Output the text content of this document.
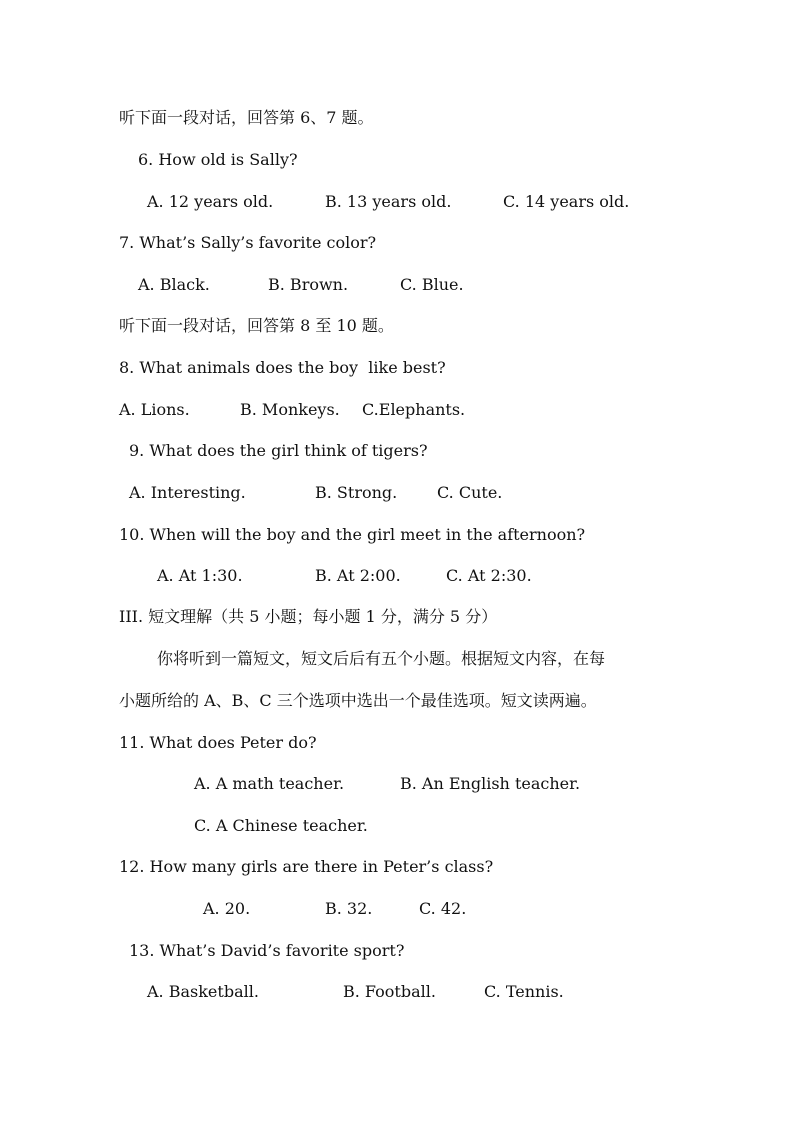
听下面一段对话，回答第 6、7 题。
6. How old is Sally?
A. 12 years old.	B. 13 years old.	C. 14 years old.
7. What’s Sally’s favorite color?
A. Black.	B. Brown.	C. Blue.
听下面一段对话，回答第 8 至 10 题。
8. What animals does the boy  like best?
A. Lions.	B. Monkeys. C.Elephants.
9. What does the girl think of tigers?
A. Interesting.	B. Strong. C. Cute.
10. When will the boy and the girl meet in the afternoon?
A. At 1:30.	B. At 2:00.	C. At 2:30.
III. 短文理解（共 5 小题；每小题 1 分，满分 5 分）
你将听到一篇短文，短文后后有五个小题。根据短文内容，在每
小题所给的 A、B、C 三个选项中选出一个最佳选项。短文读两遍。
11. What does Peter do?
A. A math teacher.	B. An English teacher.
C. A Chinese teacher.
12. How many girls are there in Peter’s class?
A. 20.	B. 32.	C. 42.
13. What’s David’s favorite sport?
A. Basketball.	B. Football.	C. Tennis.
